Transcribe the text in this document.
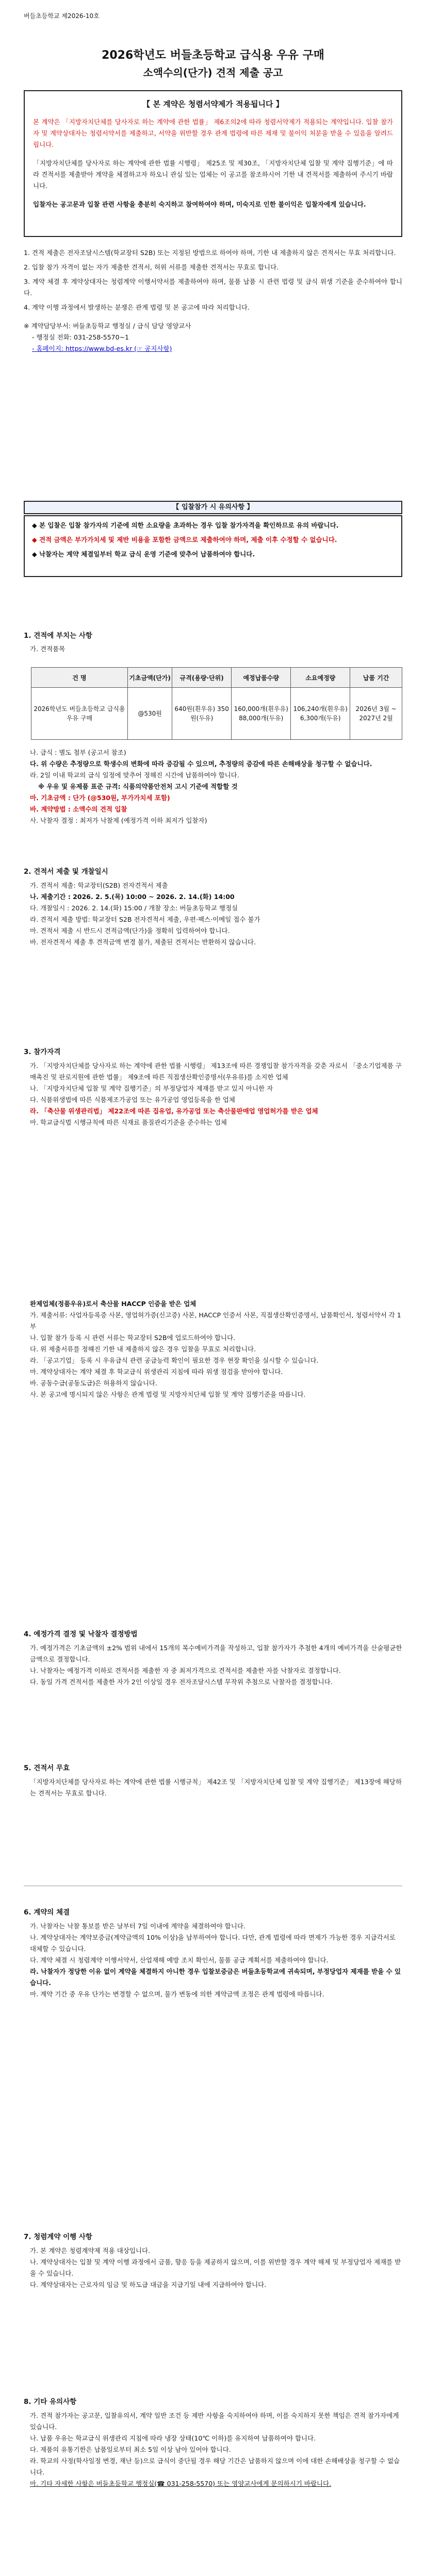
버들초등학교 제2026-10호
2026학년도 버들초등학교 급식용 우유 구매
소액수의(단가) 견적 제출 공고
【 본 계약은 청렴서약제가 적용됩니다 】
본 계약은 「지방자치단체를 당사자로 하는 계약에 관한 법률」 제6조의2에 따라 청렴서약제가 적용되는 계약입니다. 입찰 참가자 및 계약상대자는 청렴서약서를 제출하고, 서약을 위반할 경우 관계 법령에 따른 제재 및 불이익 처분을 받을 수 있음을 알려드립니다.
「지방자치단체를 당사자로 하는 계약에 관한 법률 시행령」 제25조 및 제30조, 「지방자치단체 입찰 및 계약 집행기준」에 따라 견적서를 제출받아 계약을 체결하고자 하오니 관심 있는 업체는 이 공고를 참조하시어 기한 내 견적서를 제출하여 주시기 바랍니다.
입찰자는 공고문과 입찰 관련 사항을 충분히 숙지하고 참여하여야 하며, 미숙지로 인한 불이익은 입찰자에게 있습니다.
1. 견적 제출은 전자조달시스템(학교장터 S2B) 또는 지정된 방법으로 하여야 하며, 기한 내 제출하지 않은 견적서는 무효 처리합니다.
2. 입찰 참가 자격이 없는 자가 제출한 견적서, 허위 서류를 제출한 견적서는 무효로 합니다.
3. 계약 체결 후 계약상대자는 청렴계약 이행서약서를 제출하여야 하며, 물품 납품 시 관련 법령 및 급식 위생 기준을 준수하여야 합니다.
4. 계약 이행 과정에서 발생하는 분쟁은 관계 법령 및 본 공고에 따라 처리합니다.
※ 계약담당부서: 버들초등학교 행정실 / 급식 담당 영양교사
- 행정실 전화: 031-258-5570~1
- 홈페이지: https://www.bd-es.kr (☞ 공지사항)
【 입찰참가 시 유의사항 】
◆ 본 입찰은 입찰 참가자의 기준에 의한 소요량을 초과하는 경우 입찰 참가자격을 확인하므로 유의 바랍니다.
◆ 견적 금액은 부가가치세 및 제반 비용을 포함한 금액으로 제출하여야 하며, 제출 이후 수정할 수 없습니다.
◆ 낙찰자는 계약 체결일부터 학교 급식 운영 기준에 맞추어 납품하여야 합니다.
1. 견적에 부치는 사항
가. 견적품목
건 명	기초금액(단가)	규격(용량·단위)	예정납품수량	소요예정량	납품 기간
2026학년도 버들초등학교 급식용 우유 구매	@530원	640원(흰우유) 350원(두유)	160,000개(흰우유) 88,000개(두유)	106,240개(흰우유) 6,300개(두유)	2026년 3월 ~ 2027년 2월

나. 급식 : 별도 첨부 (공고서 참조)

다. 위 수량은 추정량으로 학생수의 변화에 따라 증감될 수 있으며, 추정량의 증감에 따른 손해배상을 청구할 수 없습니다.

라. 2일 이내 학교의 급식 일정에 맞추어 정해진 시간에 납품하여야 합니다.

※ 우유 및 유제품 표준 규격: 식품의약품안전처 고시 기준에 적합할 것

마. 기초금액 : 단가 (@530원, 부가가치세 포함)

바. 계약방법 : 소액수의 견적 입찰

사. 낙찰자 결정 : 최저가 낙찰제 (예정가격 이하 최저가 입찰자)

2. 견적서 제출 및 개찰일시

가. 견적서 제출: 학교장터(S2B) 전자견적서 제출

나. 제출기간 : 2026. 2. 5.(목) 10:00 ~ 2026. 2. 14.(화) 14:00

다. 개찰일시 : 2026. 2. 14.(화) 15:00 / 개찰 장소: 버들초등학교 행정실

라. 견적서 제출 방법: 학교장터 S2B 전자견적서 제출, 우편·팩스·이메일 접수 불가

마. 견적서 제출 시 반드시 견적금액(단가)을 정확히 입력하여야 합니다.

바. 전자견적서 제출 후 견적금액 변경 불가, 제출된 견적서는 반환하지 않습니다.

3. 참가자격

가. 「지방자치단체를 당사자로 하는 계약에 관한 법률 시행령」 제13조에 따른 경쟁입찰 참가자격을 갖춘 자로서 「중소기업제품 구매촉진 및 판로지원에 관한 법률」 제9조에 따른 직접생산확인증명서(우유류)를 소지한 업체

나. 「지방자치단체 입찰 및 계약 집행기준」의 부정당업자 제재를 받고 있지 아니한 자

다. 식품위생법에 따른 식품제조가공업 또는 유가공업 영업등록을 한 업체

라. 「축산물 위생관리법」 제22조에 따른 집유업, 유가공업 또는 축산물판매업 영업허가를 받은 업체

마. 학교급식법 시행규칙에 따른 식재료 품질관리기준을 준수하는 업체

완제업체(정품우유)로서 축산물 HACCP 인증을 받은 업체

가. 제출서류: 사업자등록증 사본, 영업허가증(신고증) 사본, HACCP 인증서 사본, 직접생산확인증명서, 납품확인서, 청렴서약서 각 1부

나. 입찰 참가 등록 시 관련 서류는 학교장터 S2B에 업로드하여야 합니다.

다. 위 제출서류를 정해진 기한 내 제출하지 않은 경우 입찰을 무효로 처리합니다.

라. 「공고기업」 등록 시 우유급식 관련 공급능력 확인이 필요한 경우 현장 확인을 실시할 수 있습니다.

마. 계약상대자는 계약 체결 후 학교급식 위생관리 지침에 따라 위생 점검을 받아야 합니다.

바. 공동수급(공동도급)은 허용하지 않습니다.

사. 본 공고에 명시되지 않은 사항은 관계 법령 및 지방자치단체 입찰 및 계약 집행기준을 따릅니다.

4. 예정가격 결정 및 낙찰자 결정방법

가. 예정가격은 기초금액의 ±2% 범위 내에서 15개의 복수예비가격을 작성하고, 입찰 참가자가 추첨한 4개의 예비가격을 산술평균한 금액으로 결정합니다.

나. 낙찰자는 예정가격 이하로 견적서를 제출한 자 중 최저가격으로 견적서를 제출한 자를 낙찰자로 결정합니다.

다. 동일 가격 견적서를 제출한 자가 2인 이상일 경우 전자조달시스템 무작위 추첨으로 낙찰자를 결정합니다.

5. 견적서 무효

「지방자치단체를 당사자로 하는 계약에 관한 법률 시행규칙」 제42조 및 「지방자치단체 입찰 및 계약 집행기준」 제13장에 해당하는 견적서는 무효로 합니다.

6. 계약의 체결

가. 낙찰자는 낙찰 통보를 받은 날부터 7일 이내에 계약을 체결하여야 합니다.

나. 계약상대자는 계약보증금(계약금액의 10% 이상)을 납부하여야 합니다. 다만, 관계 법령에 따라 면제가 가능한 경우 지급각서로 대체할 수 있습니다.

다. 계약 체결 시 청렴계약 이행서약서, 산업재해 예방 조치 확인서, 물품 공급 계획서를 제출하여야 합니다.

라. 낙찰자가 정당한 이유 없이 계약을 체결하지 아니한 경우 입찰보증금은 버들초등학교에 귀속되며, 부정당업자 제재를 받을 수 있습니다.

마. 계약 기간 중 우유 단가는 변경할 수 없으며, 물가 변동에 의한 계약금액 조정은 관계 법령에 따릅니다.

7. 청렴계약 이행 사항

가. 본 계약은 청렴계약제 적용 대상입니다.

나. 계약상대자는 입찰 및 계약 이행 과정에서 금품, 향응 등을 제공하지 않으며, 이를 위반할 경우 계약 해제 및 부정당업자 제재를 받을 수 있습니다.

다. 계약상대자는 근로자의 임금 및 하도급 대금을 지급기일 내에 지급하여야 합니다.

8. 기타 유의사항

가. 견적 참가자는 공고문, 입찰유의서, 계약 일반 조건 등 제반 사항을 숙지하여야 하며, 이를 숙지하지 못한 책임은 견적 참가자에게 있습니다.

나. 납품 우유는 학교급식 위생관리 지침에 따라 냉장 상태(10℃ 이하)를 유지하여 납품하여야 합니다.

다. 제품의 유통기한은 납품일로부터 최소 5일 이상 남아 있어야 합니다.

라. 학교의 사정(학사일정 변경, 재난 등)으로 급식이 중단될 경우 해당 기간은 납품하지 않으며 이에 대한 손해배상을 청구할 수 없습니다.

마. 기타 자세한 사항은 버들초등학교 행정실(☎ 031-258-5570) 또는 영양교사에게 문의하시기 바랍니다.
